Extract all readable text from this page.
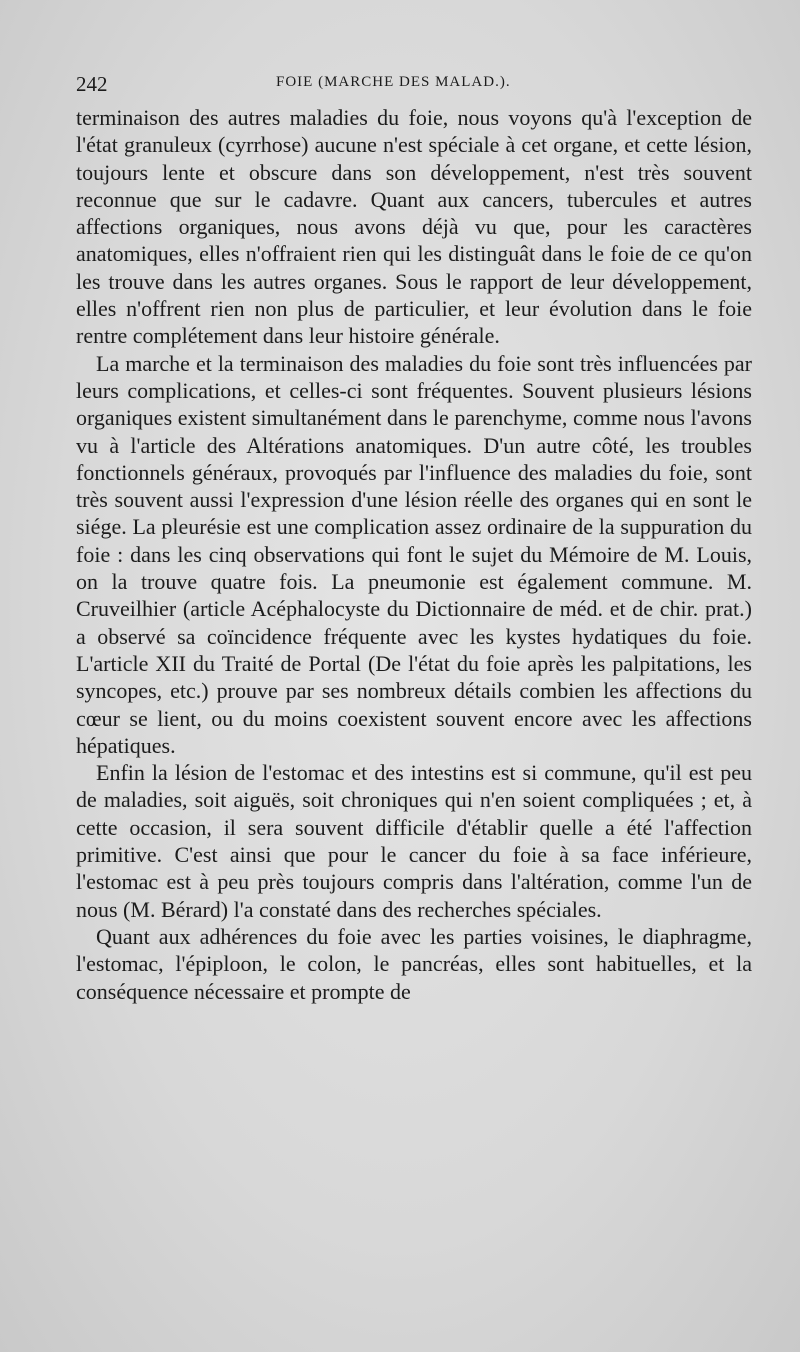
242	FOIE (MARCHE DES MALAD.).

terminaison des autres maladies du foie, nous voyons qu'à l'exception de l'état granuleux (cyrrhose) aucune n'est spéciale à cet organe, et cette lésion, toujours lente et obscure dans son développement, n'est très souvent reconnue que sur le cadavre. Quant aux cancers, tubercules et autres affections organiques, nous avons déjà vu que, pour les caractères anatomiques, elles n'offraient rien qui les distinguât dans le foie de ce qu'on les trouve dans les autres organes. Sous le rapport de leur développement, elles n'offrent rien non plus de particulier, et leur évolution dans le foie rentre complétement dans leur histoire générale.

La marche et la terminaison des maladies du foie sont très influencées par leurs complications, et celles-ci sont fréquentes. Souvent plusieurs lésions organiques existent simultanément dans le parenchyme, comme nous l'avons vu à l'article des Altérations anatomiques. D'un autre côté, les troubles fonctionnels généraux, provoqués par l'influence des maladies du foie, sont très souvent aussi l'expression d'une lésion réelle des organes qui en sont le siége. La pleurésie est une complication assez ordinaire de la suppuration du foie : dans les cinq observations qui font le sujet du Mémoire de M. Louis, on la trouve quatre fois. La pneumonie est également commune. M. Cruveilhier (article Acéphalocyste du Dictionnaire de méd. et de chir. prat.) a observé sa coïncidence fréquente avec les kystes hydatiques du foie. L'article XII du Traité de Portal (De l'état du foie après les palpitations, les syncopes, etc.) prouve par ses nombreux détails combien les affections du cœur se lient, ou du moins coexistent souvent encore avec les affections hépatiques.

Enfin la lésion de l'estomac et des intestins est si commune, qu'il est peu de maladies, soit aiguës, soit chroniques qui n'en soient compliquées ; et, à cette occasion, il sera souvent difficile d'établir quelle a été l'affection primitive. C'est ainsi que pour le cancer du foie à sa face inférieure, l'estomac est à peu près toujours compris dans l'altération, comme l'un de nous (M. Bérard) l'a constaté dans des recherches spéciales.

Quant aux adhérences du foie avec les parties voisines, le diaphragme, l'estomac, l'épiploon, le colon, le pancréas, elles sont habituelles, et la conséquence nécessaire et prompte de
